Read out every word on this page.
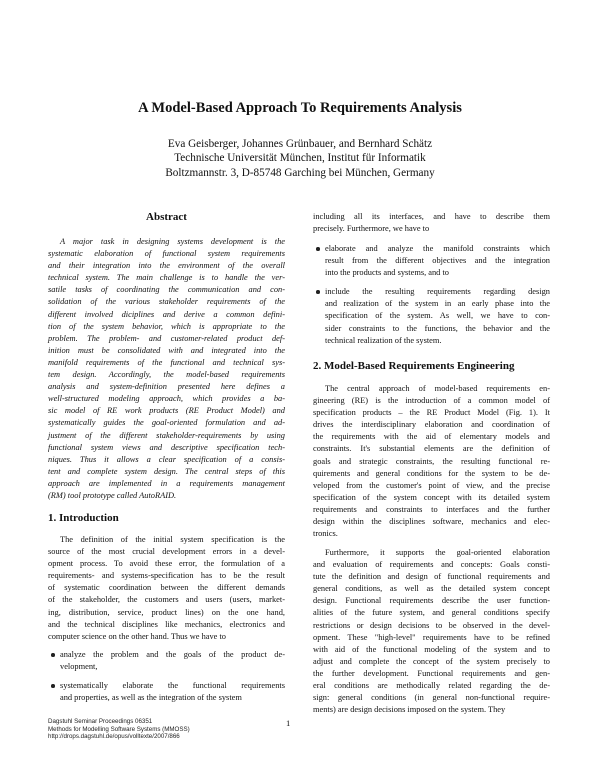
A Model-Based Approach To Requirements Analysis
Eva Geisberger, Johannes Grünbauer, and Bernhard Schätz
Technische Universität München, Institut für Informatik
Boltzmannstr. 3, D-85748 Garching bei München, Germany
Abstract
A major task in designing systems development is the
systematic elaboration of functional system requirements
and their integration into the environment of the overall
technical system. The main challenge is to handle the ver-
satile tasks of coordinating the communication and con-
solidation of the various stakeholder requirements of the
different involved diciplines and derive a common defini-
tion of the system behavior, which is appropriate to the
problem. The problem- and customer-related product def-
inition must be consolidated with and integrated into the
manifold requirements of the functional and technical sys-
tem design. Accordingly, the model-based requirements
analysis and system-definition presented here defines a
well-structured modeling approach, which provides a ba-
sic model of RE work products (RE Product Model) and
systematically guides the goal-oriented formulation and ad-
justment of the different stakeholder-requirements by using
functional system views and descriptive specification tech-
niques. Thus it allows a clear specification of a consis-
tent and complete system design. The central steps of this
approach are implemented in a requirements management
(RM) tool prototype called AutoRAID.
1. Introduction
The definition of the initial system specification is the
source of the most crucial development errors in a devel-
opment process. To avoid these error, the formulation of a
requirements- and systems-specification has to be the result
of systematic coordination between the different demands
of the stakeholder, the customers and users (users, market-
ing, distribution, service, product lines) on the one hand,
and the technical disciplines like mechanics, electronics and
computer science on the other hand. Thus we have to
analyze the problem and the goals of the product de-
velopment,
systematically elaborate the functional requirements
and properties, as well as the integration of the system
including all its interfaces, and have to describe them
precisely. Furthermore, we have to
elaborate and analyze the manifold constraints which
result from the different objectives and the integration
into the products and systems, and to
include the resulting requirements regarding design
and realization of the system in an early phase into the
specification of the system. As well, we have to con-
sider constraints to the functions, the behavior and the
technical realization of the system.
2. Model-Based Requirements Engineering
The central approach of model-based requirements en-
gineering (RE) is the introduction of a common model of
specification products – the RE Product Model (Fig. 1). It
drives the interdisciplinary elaboration and coordination of
the requirements with the aid of elementary models and
constraints. It's substantial elements are the definition of
goals and strategic constraints, the resulting functional re-
quirements and general conditions for the system to be de-
veloped from the customer's point of view, and the precise
specification of the system concept with its detailed system
requirements and constraints to interfaces and the further
design within the disciplines software, mechanics and elec-
tronics.
Furthermore, it supports the goal-oriented elaboration
and evaluation of requirements and concepts: Goals consti-
tute the definition and design of functional requirements and
general conditions, as well as the detailed system concept
design. Functional requirements describe the user function-
alities of the future system, and general conditions specify
restrictions or design decisions to be observed in the devel-
opment. These "high-level" requirements have to be refined
with aid of the functional modeling of the system and to
adjust and complete the concept of the system precisely to
the further development. Functional requirements and gen-
eral conditions are methodically related regarding the de-
sign: general conditions (in general non-functional require-
ments) are design decisions imposed on the system. They
Dagstuhl Seminar Proceedings 06351
Methods for Modelling Software Systems (MMOSS)
http://drops.dagstuhl.de/opus/volltexte/2007/866
1
